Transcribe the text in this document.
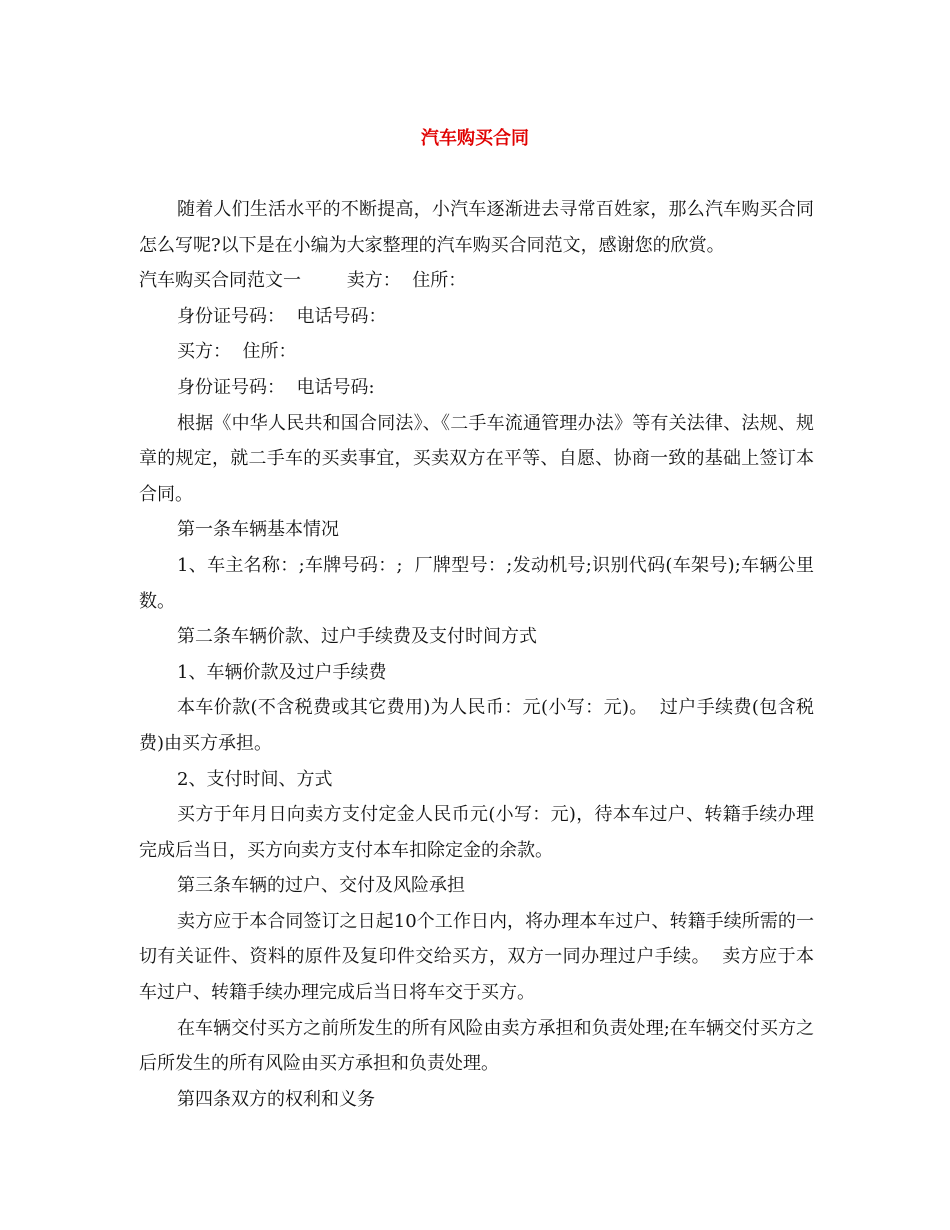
汽车购买合同

随着人们生活水平的不断提高，小汽车逐渐进去寻常百姓家，那么汽车购买合同怎么写呢?以下是在小编为大家整理的汽车购买合同范文，感谢您的欣赏。

汽车购买合同范文一        卖方：  住所：

身份证号码：  电话号码：

买方：  住所：

身份证号码：  电话号码:

根据《中华人民共和国合同法》、《二手车流通管理办法》等有关法律、法规、规章的规定，就二手车的买卖事宜，买卖双方在平等、自愿、协商一致的基础上签订本合同。

第一条车辆基本情况

1、车主名称：;车牌号码：;  厂牌型号：;发动机号;识别代码(车架号);车辆公里数。

第二条车辆价款、过户手续费及支付时间方式

1、车辆价款及过户手续费

本车价款(不含税费或其它费用)为人民币：元(小写：元)。  过户手续费(包含税费)由买方承担。

2、支付时间、方式

买方于年月日向卖方支付定金人民币元(小写：元)，待本车过户、转籍手续办理完成后当日，买方向卖方支付本车扣除定金的余款。

第三条车辆的过户、交付及风险承担

卖方应于本合同签订之日起10个工作日内，将办理本车过户、转籍手续所需的一切有关证件、资料的原件及复印件交给买方，双方一同办理过户手续。  卖方应于本车过户、转籍手续办理完成后当日将车交于买方。

在车辆交付买方之前所发生的所有风险由卖方承担和负责处理;在车辆交付买方之后所发生的所有风险由买方承担和负责处理。

第四条双方的权利和义务
